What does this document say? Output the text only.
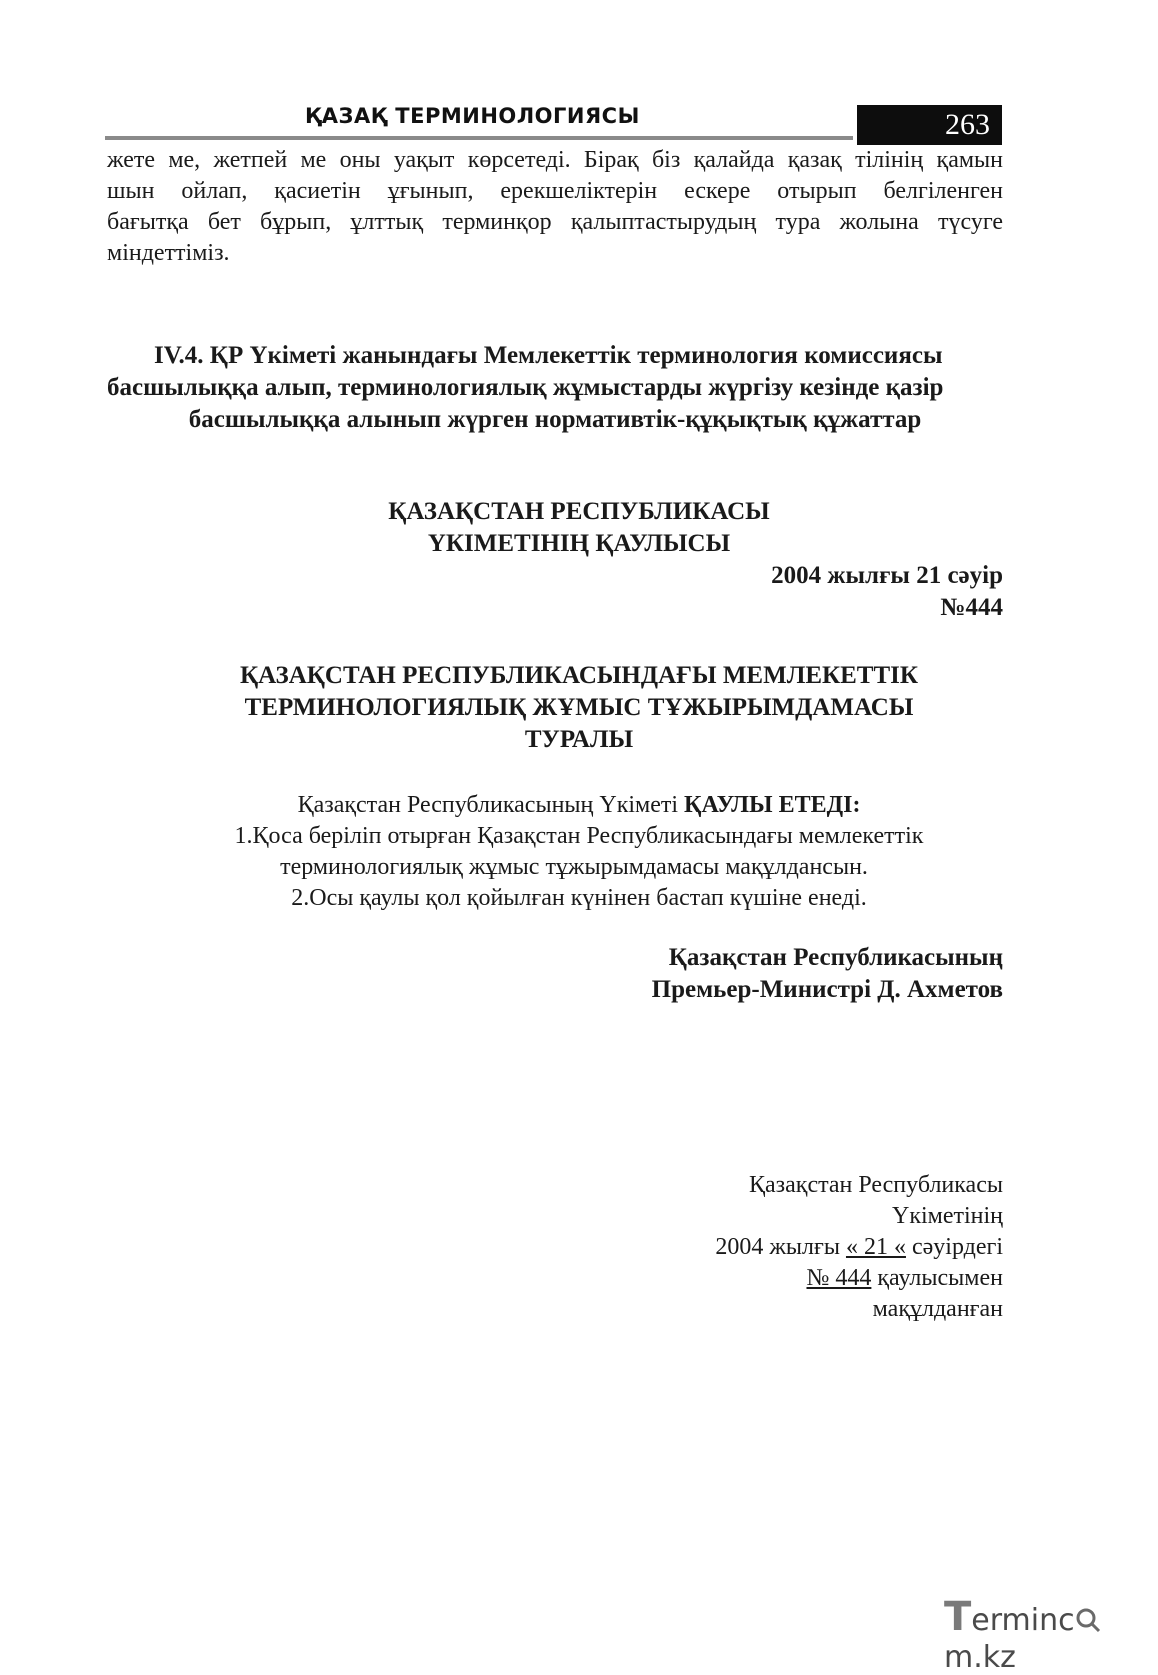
ҚАЗАҚ ТЕРМИНОЛОГИЯСЫ	263
жете ме, жетпей ме оны уақыт көрсетеді. Бірақ біз қалайда қазақ тілінің қамын
шын ойлап, қасиетін ұғынып, ерекшеліктерін ескере отырып белгіленген
бағытқа бет бұрып, ұлттық терминқор қалыптастырудың тура жолына түсуге
міндеттіміз.
IV.4. ҚР Үкіметі жанындағы Мемлекеттік терминология комиссиясы
басшылыққа алып, терминологиялық жұмыстарды жүргізу кезінде қазір
басшылыққа алынып жүрген нормативтік-құқықтық құжаттар
ҚАЗАҚСТАН РЕСПУБЛИКАСЫ
ҮКІМЕТІНІҢ ҚАУЛЫСЫ
2004 жылғы 21 сәуір
№444
ҚАЗАҚСТАН РЕСПУБЛИКАСЫНДАҒЫ МЕМЛЕКЕТТІК
ТЕРМИНОЛОГИЯЛЫҚ ЖҰМЫС ТҰЖЫРЫМДАМАСЫ
ТУРАЛЫ
Қазақстан Республикасының Үкіметі ҚАУЛЫ ЕТЕДІ:
1.Қоса беріліп отырған Қазақстан Республикасындағы мемлекеттік
терминологиялық жұмыс тұжырымдамасы мақұлдансын.
2.Осы қаулы қол қойылған күнінен бастап күшіне енеді.
Қазақстан Республикасының
Премьер-Министрі Д. Ахметов
Қазақстан Республикасы
Үкіметінің
2004 жылғы « 21 « сәуірдегі
№ 444 қаулысымен
мақұлданған
Termincm.kz
